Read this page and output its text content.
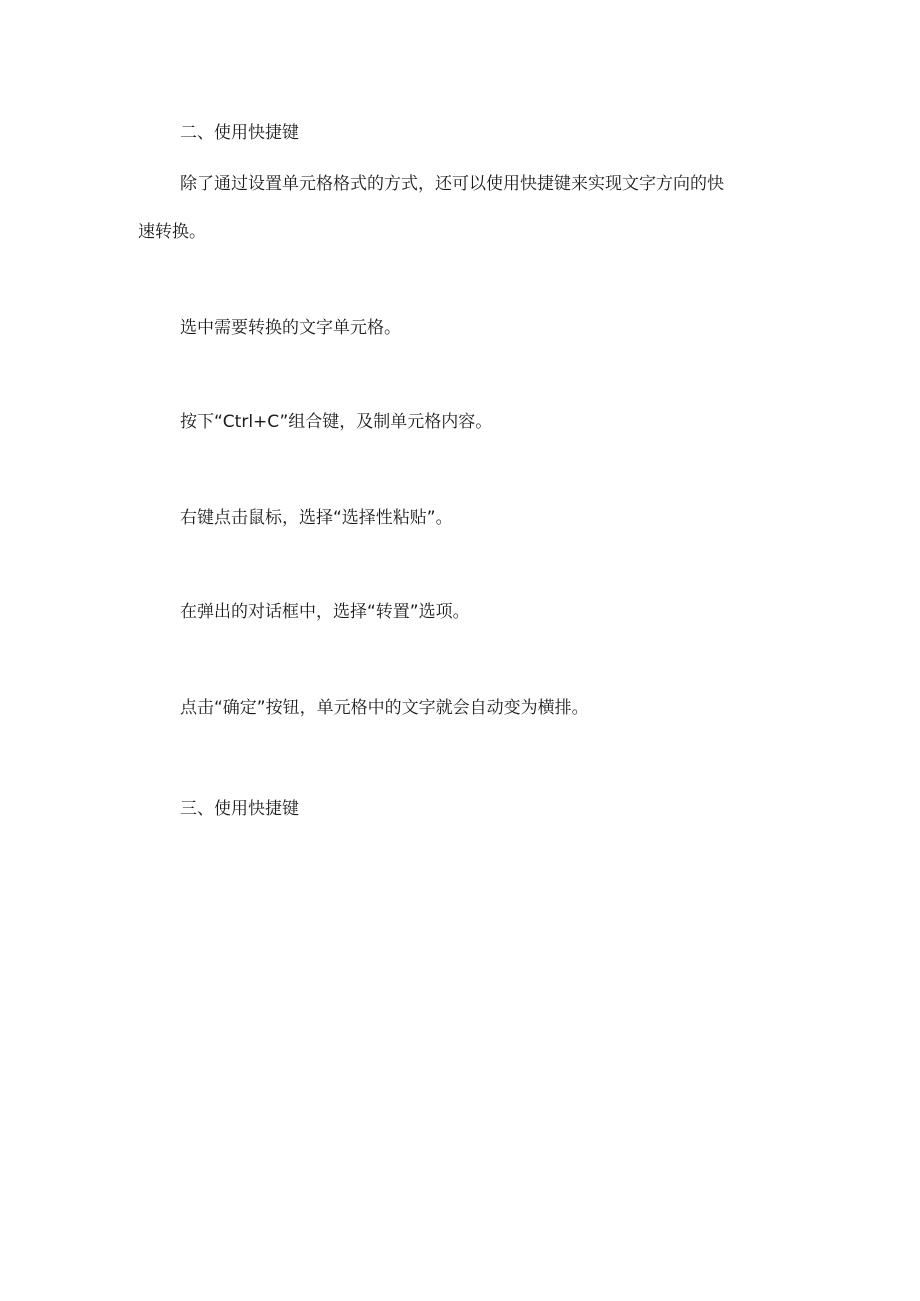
二、使用快捷键

除了通过设置单元格格式的方式，还可以使用快捷键来实现文字方向的快

速转换。

选中需要转换的文字单元格。

按下“Ctrl+C”组合键，及制单元格内容。

右键点击鼠标，选择“选择性粘贴”。

在弹出的对话框中，选择“转置”选项。

点击“确定”按钮，单元格中的文字就会自动变为横排。

三、使用快捷键
